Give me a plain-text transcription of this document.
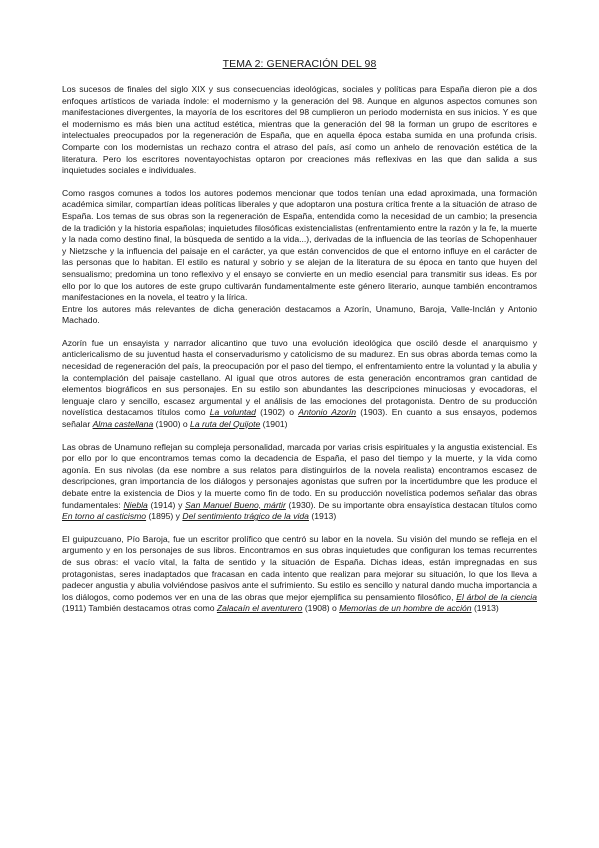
TEMA 2: GENERACIÓN DEL 98

Los sucesos de finales del siglo XIX y sus consecuencias ideológicas, sociales y políticas para España dieron pie a dos enfoques artísticos de variada índole: el modernismo y la generación del 98. Aunque en algunos aspectos comunes son manifestaciones divergentes, la mayoría de los escritores del 98 cumplieron un periodo modernista en sus inicios. Y es que el modernismo es más bien una actitud estética, mientras que la generación del 98 la forman un grupo de escritores e intelectuales preocupados por la regeneración de España, que en aquella época estaba sumida en una profunda crisis. Comparte con los modernistas un rechazo contra el atraso del país, así como un anhelo de renovación estética de la literatura. Pero los escritores noventayochistas optaron por creaciones más reflexivas en las que dan salida a sus inquietudes sociales e individuales.

Como rasgos comunes a todos los autores podemos mencionar que todos tenían una edad aproximada, una formación académica similar, compartían ideas políticas liberales y que adoptaron una postura crítica frente a la situación de atraso de España. Los temas de sus obras son la regeneración de España, entendida como la necesidad de un cambio; la presencia de la tradición y la historia españolas; inquietudes filosóficas existencialistas (enfrentamiento entre la razón y la fe, la muerte y la nada como destino final, la búsqueda de sentido a la vida...), derivadas de la influencia de las teorías de Schopenhauer y Nietzsche y la influencia del paisaje en el carácter, ya que están convencidos de que el entorno influye en el carácter de las personas que lo habitan. El estilo es natural y sobrio y se alejan de la literatura de su época en tanto que huyen del sensualismo; predomina un tono reflexivo y el ensayo se convierte en un medio esencial para transmitir sus ideas. Es por ello por lo que los autores de este grupo cultivarán fundamentalmente este género literario, aunque también encontramos manifestaciones en la novela, el teatro y la lírica.

Entre los autores más relevantes de dicha generación destacamos a Azorín, Unamuno, Baroja, Valle-Inclán y Antonio Machado.

Azorín fue un ensayista y narrador alicantino que tuvo una evolución ideológica que osciló desde el anarquismo y anticlericalismo de su juventud hasta el conservadurismo y catolicismo de su madurez. En sus obras aborda temas como la necesidad de regeneración del país, la preocupación por el paso del tiempo, el enfrentamiento entre la voluntad y la abulia y la contemplación del paisaje castellano. Al igual que otros autores de esta generación encontramos gran cantidad de elementos biográficos en sus personajes. En su estilo son abundantes las descripciones minuciosas y evocadoras, el lenguaje claro y sencillo, escasez argumental y el análisis de las emociones del protagonista. Dentro de su producción novelística destacamos títulos como La voluntad (1902) o Antonio Azorín (1903). En cuanto a sus ensayos, podemos señalar Alma castellana (1900) o La ruta del Quijote (1901)

Las obras de Unamuno reflejan su compleja personalidad, marcada por varias crisis espirituales y la angustia existencial. Es por ello por lo que encontramos temas como la decadencia de España, el paso del tiempo y la muerte, y la vida como agonía. En sus nivolas (da ese nombre a sus relatos para distinguirlos de la novela realista) encontramos escasez de descripciones, gran importancia de los diálogos y personajes agonistas que sufren por la incertidumbre que les produce el debate entre la existencia de Dios y la muerte como fin de todo. En su producción novelística podemos señalar das obras fundamentales: Niebla (1914) y San Manuel Bueno, mártir (1930). De su importante obra ensayística destacan títulos como En torno al casticismo (1895) y Del sentimiento trágico de la vida (1913)

El guipuzcuano, Pío Baroja, fue un escritor prolífico que centró su labor en la novela. Su visión del mundo se refleja en el argumento y en los personajes de sus libros. Encontramos en sus obras inquietudes que configuran los temas recurrentes de sus obras: el vacío vital, la falta de sentido y la situación de España. Dichas ideas, están impregnadas en sus protagonistas, seres inadaptados que fracasan en cada intento que realizan para mejorar su situación, lo que los lleva a padecer angustia y abulia volviéndose pasivos ante el sufrimiento. Su estilo es sencillo y natural dando mucha importancia a los diálogos, como podemos ver en una de las obras que mejor ejemplifica su pensamiento filosófico, El árbol de la ciencia (1911) También destacamos otras como Zalacaín el aventurero (1908) o Memorias de un hombre de acción (1913)
